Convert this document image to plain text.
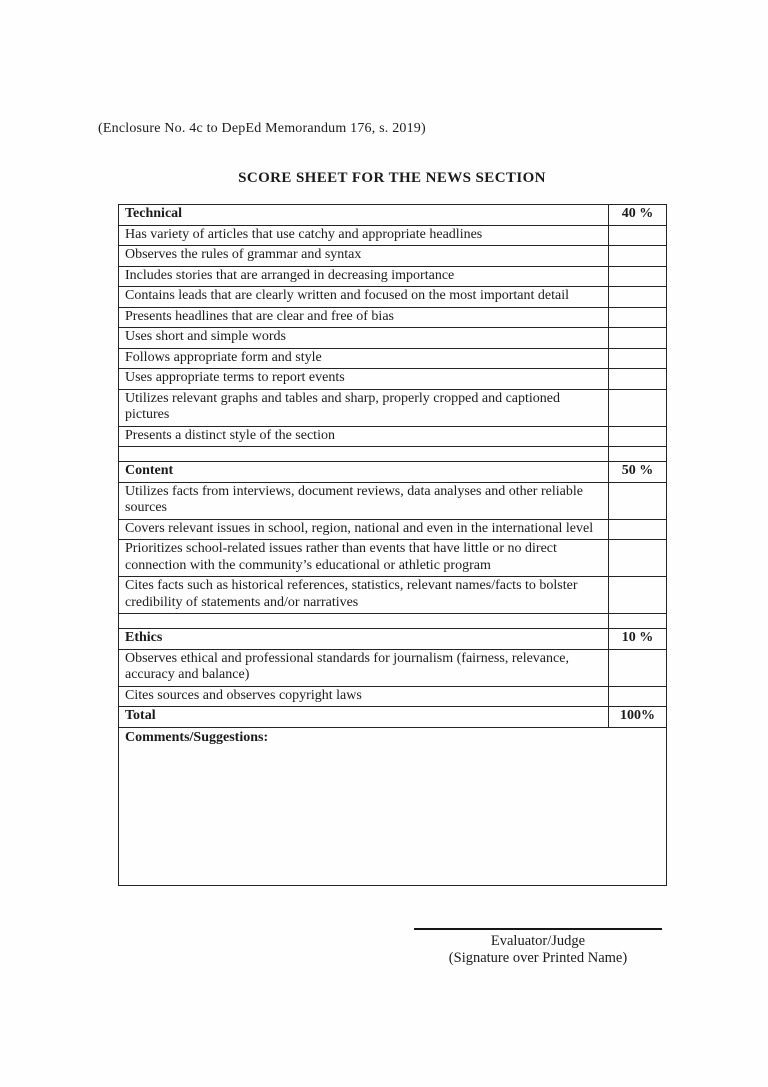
(Enclosure No. 4c to DepEd Memorandum 176, s. 2019)
SCORE SHEET FOR THE NEWS SECTION
Technical	40 %
Has variety of articles that use catchy and appropriate headlines	
Observes the rules of grammar and syntax	
Includes stories that are arranged in decreasing importance	
Contains leads that are clearly written and focused on the most important detail	
Presents headlines that are clear and free of bias	
Uses short and simple words	
Follows appropriate form and style	
Uses appropriate terms to report events	
Utilizes relevant graphs and tables and sharp, properly cropped and captioned pictures	
Presents a distinct style of the section	

Content	50 %
Utilizes facts from interviews, document reviews, data analyses and other reliable sources	
Covers relevant issues in school, region, national and even in the international level	
Prioritizes school-related issues rather than events that have little or no direct connection with the community’s educational or athletic program	
Cites facts such as historical references, statistics, relevant names/facts to bolster credibility of statements and/or narratives	

Ethics	10 %
Observes ethical and professional standards for journalism (fairness, relevance, accuracy and balance)	
Cites sources and observes copyright laws	
Total	100%
Comments/Suggestions:	
Evaluator/Judge
(Signature over Printed Name)
